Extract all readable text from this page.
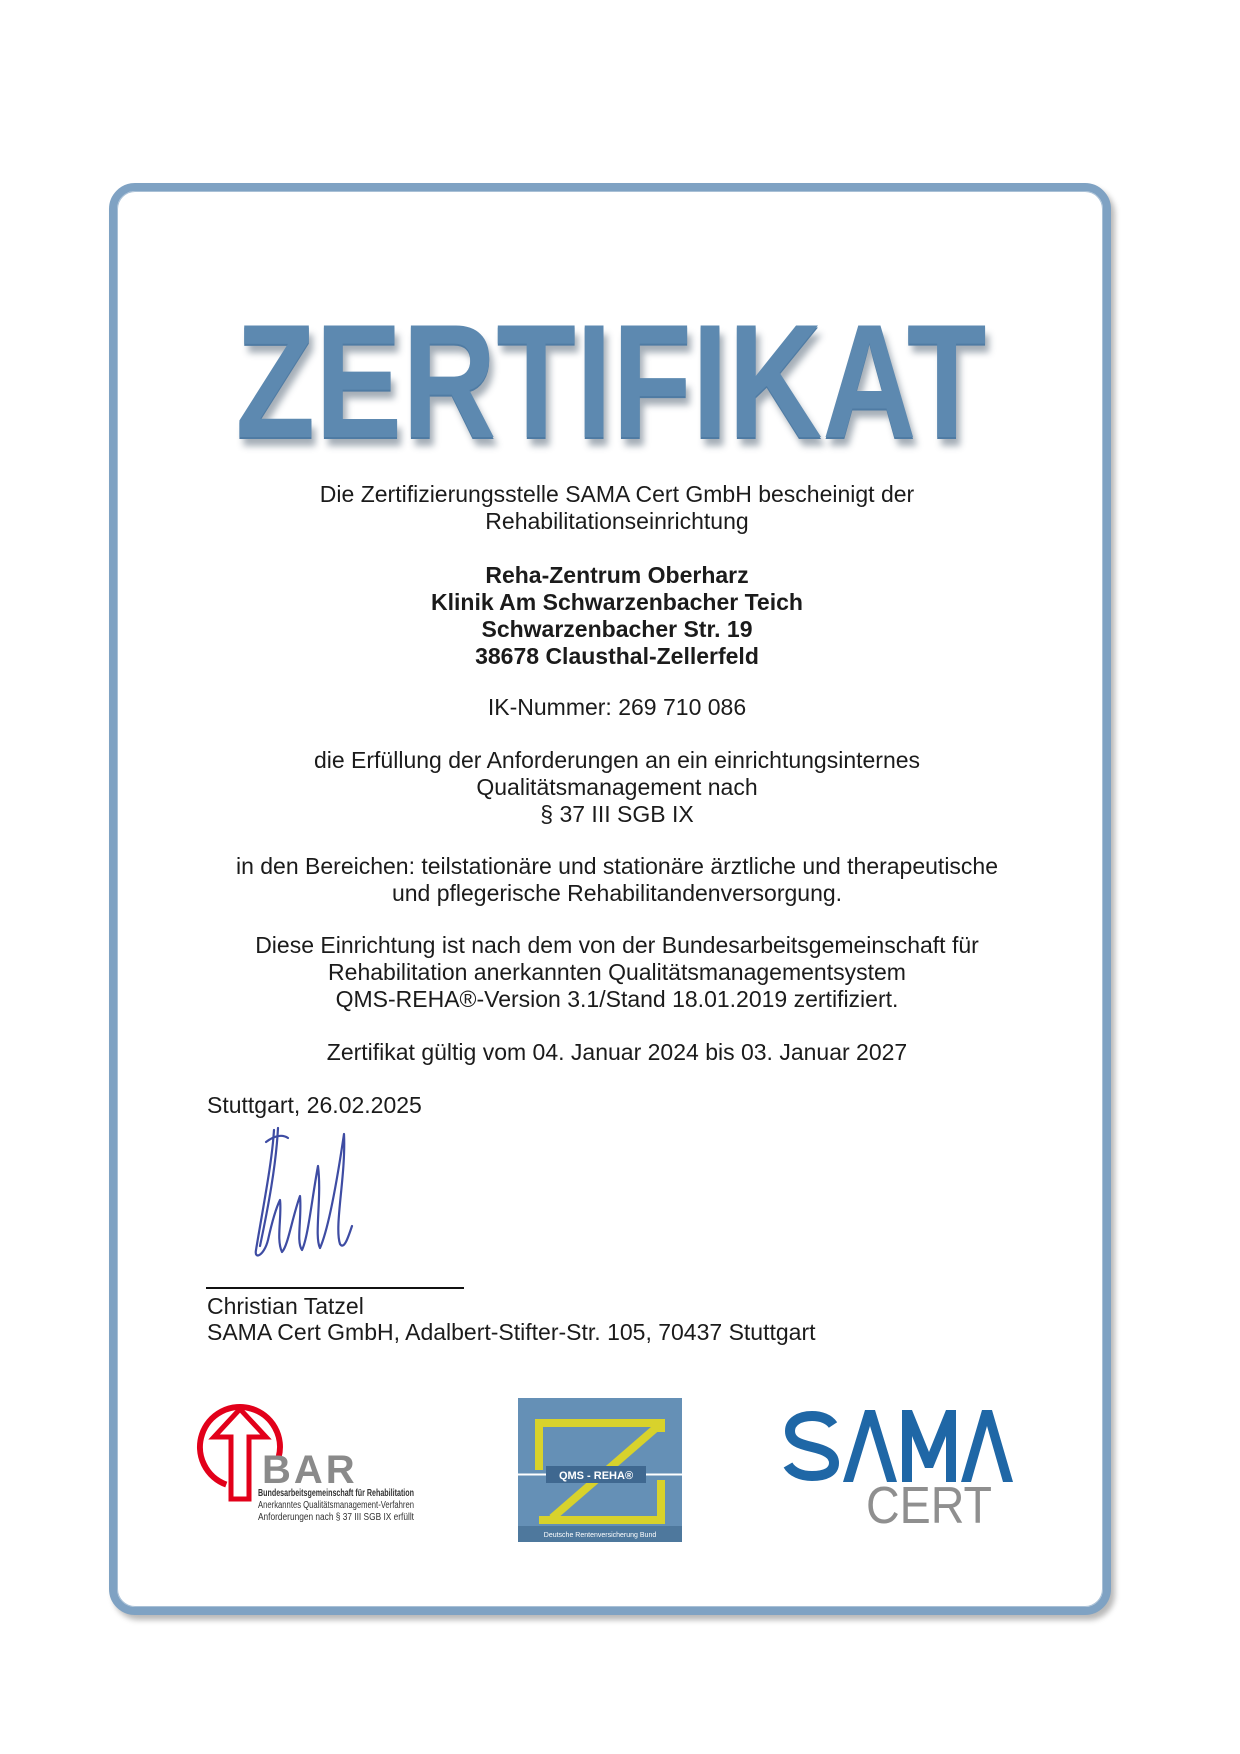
ZERTIFIKAT
Die Zertifizierungsstelle SAMA Cert GmbH bescheinigt der
Rehabilitationseinrichtung
Reha-Zentrum Oberharz
Klinik Am Schwarzenbacher Teich
Schwarzenbacher Str. 19
38678 Clausthal-Zellerfeld
IK-Nummer: 269 710 086
die Erfüllung der Anforderungen an ein einrichtungsinternes
Qualitätsmanagement nach
§ 37 III SGB IX
in den Bereichen: teilstationäre und stationäre ärztliche und therapeutische
und pflegerische Rehabilitandenversorgung.
Diese Einrichtung ist nach dem von der Bundesarbeitsgemeinschaft für
Rehabilitation anerkannten Qualitätsmanagementsystem
QMS-REHA®-Version 3.1/Stand 18.01.2019 zertifiziert.
Zertifikat gültig vom 04. Januar 2024 bis 03. Januar 2027
Stuttgart, 26.02.2025
Christian Tatzel
SAMA Cert GmbH, Adalbert-Stifter-Str. 105, 70437 Stuttgart
BAR
Bundesarbeitsgemeinschaft für Rehabilitation
Anerkanntes Qualitätsmanagement-Verfahren
Anforderungen nach § 37 III SGB IX erfüllt
QMS - REHA®
Deutsche Rentenversicherung Bund
CERT
